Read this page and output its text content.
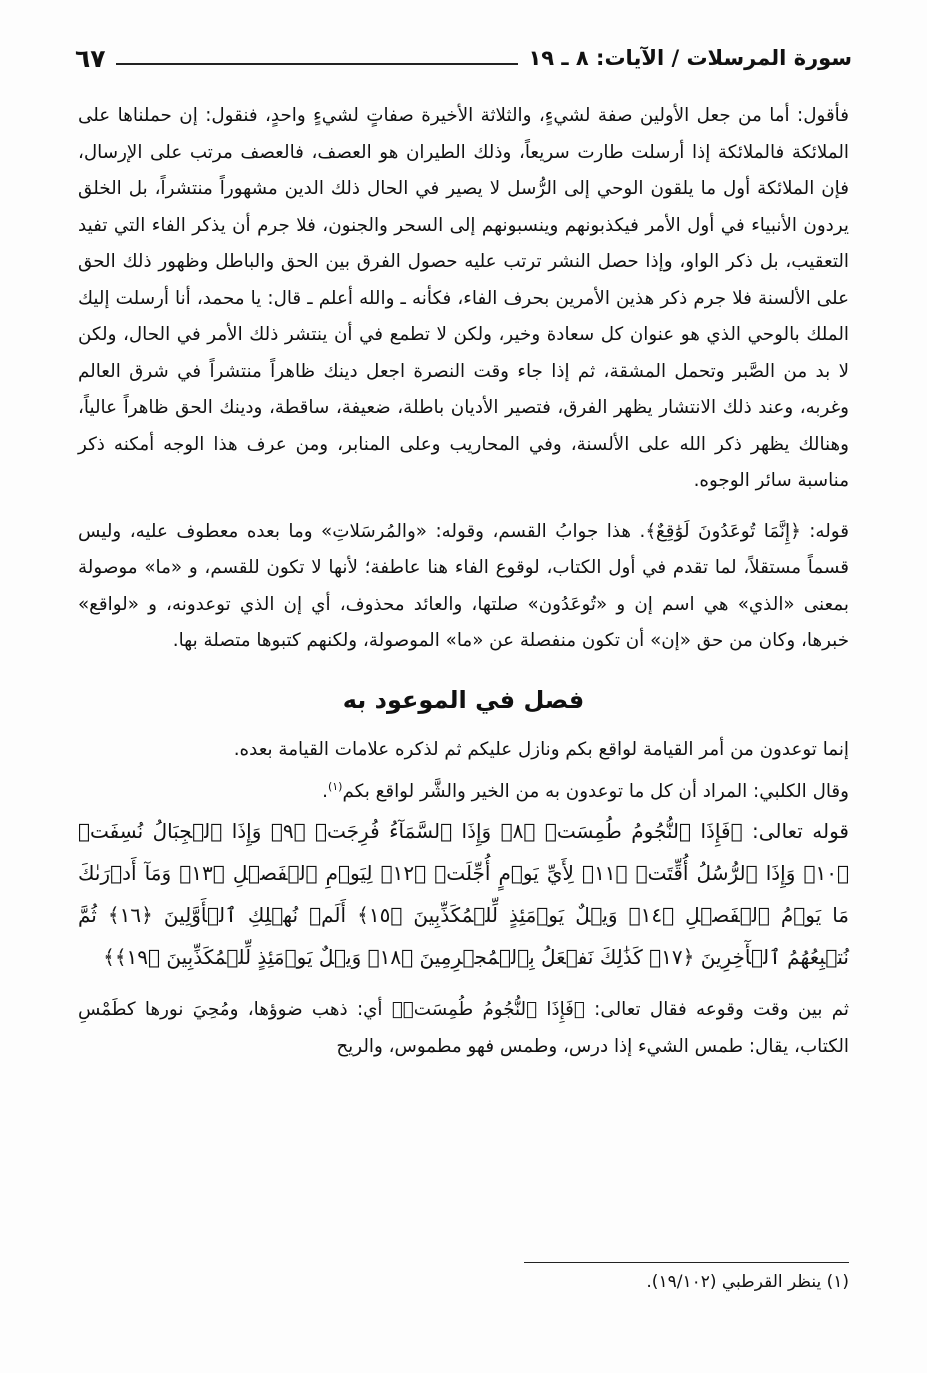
٦٧	سورة المرسلات / الآيات: ٨ ـ ١٩

فأقول: أما من جعل الأولين صفة لشيءٍ، والثلاثة الأخيرة صفاتٍ لشيءٍ واحدٍ، فنقول: إن حملناها على الملائكة فالملائكة إذا أرسلت طارت سريعاً، وذلك الطيران هو العصف، فالعصف مرتب على الإرسال، فإن الملائكة أول ما يلقون الوحي إلى الرُّسل لا يصير في الحال ذلك الدين مشهوراً منتشراً، بل الخلق يردون الأنبياء في أول الأمر فيكذبونهم وينسبونهم إلى السحر والجنون، فلا جرم أن يذكر الفاء التي تفيد التعقيب، بل ذكر الواو، وإذا حصل النشر ترتب عليه حصول الفرق بين الحق والباطل وظهور ذلك الحق على الألسنة فلا جرم ذكر هذين الأمرين بحرف الفاء، فكأنه ـ والله أعلم ـ قال: يا محمد، أنا أرسلت إليك الملك بالوحي الذي هو عنوان كل سعادة وخير، ولكن لا تطمع في أن ينتشر ذلك الأمر في الحال، ولكن لا بد من الصَّبر وتحمل المشقة، ثم إذا جاء وقت النصرة اجعل دينك ظاهراً منتشراً في شرق العالم وغربه، وعند ذلك الانتشار يظهر الفرق، فتصير الأديان باطلة، ضعيفة، ساقطة، ودينك الحق ظاهراً عالياً، وهنالك يظهر ذكر الله على الألسنة، وفي المحاريب وعلى المنابر، ومن عرف هذا الوجه أمكنه ذكر مناسبة سائر الوجوه.

قوله: ﴿إِنَّمَا تُوعَدُونَ لَوَٰقِعٌ﴾. هذا جوابُ القسم، وقوله: «والمُرسَلاتِ» وما بعده معطوف عليه، وليس قسماً مستقلاً، لما تقدم في أول الكتاب، لوقوع الفاء هنا عاطفة؛ لأنها لا تكون للقسم، و «ما» موصولة بمعنى «الذي» هي اسم إن و «تُوعَدُون» صلتها، والعائد محذوف، أي إن الذي توعدونه، و «لواقع» خبرها، وكان من حق «إن» أن تكون منفصلة عن «ما» الموصولة، ولكنهم كتبوها متصلة بها.

فصل في الموعود به

إنما توعدون من أمر القيامة لواقع بكم ونازل عليكم ثم لذكره علامات القيامة بعده.

وقال الكلبي: المراد أن كل ما توعدون به من الخير والشَّر لواقع بكم$^{(١)}$.

قوله تعالى: ﴿فَإِذَا ٱلنُّجُومُ طُمِسَتۡ ﴿٨﴾ وَإِذَا ٱلسَّمَآءُ فُرِجَتۡ ﴿٩﴾ وَإِذَا ٱلۡجِبَالُ نُسِفَتۡ ﴿١٠﴾ وَإِذَا ٱلرُّسُلُ أُقِّتَتۡ ﴿١١﴾ لِأَيِّ يَوۡمٍ أُجِّلَتۡ ﴿١٢﴾ لِيَوۡمِ ٱلۡفَصۡلِ ﴿١٣﴾ وَمَآ أَدۡرَىٰكَ مَا يَوۡمُ ٱلۡفَصۡلِ ﴿١٤﴾ وَيۡلٌ يَوۡمَئِذٍ لِّلۡمُكَذِّبِينَ ﴿١٥﴾ أَلَمۡ نُهۡلِكِ ٱلۡأَوَّلِينَ ﴿١٦﴾ ثُمَّ نُتۡبِعُهُمُ ٱلۡأٓخِرِينَ ﴿١٧﴾ كَذَٰلِكَ نَفۡعَلُ بِٱلۡمُجۡرِمِينَ ﴿١٨﴾ وَيۡلٌ يَوۡمَئِذٍ لِّلۡمُكَذِّبِينَ ﴿١٩﴾﴾

ثم بين وقت وقوعه فقال تعالى: ﴿فَإِذَا ٱلنُّجُومُ طُمِسَتۡ﴾ أي: ذهب ضوؤها، ومُحِيَ نورها كطَمْسِ الكتاب، يقال: طمس الشيء إذا درس، وطمس فهو مطموس، والريح

(١) ينظر القرطبي (١٩/١٠٢).
